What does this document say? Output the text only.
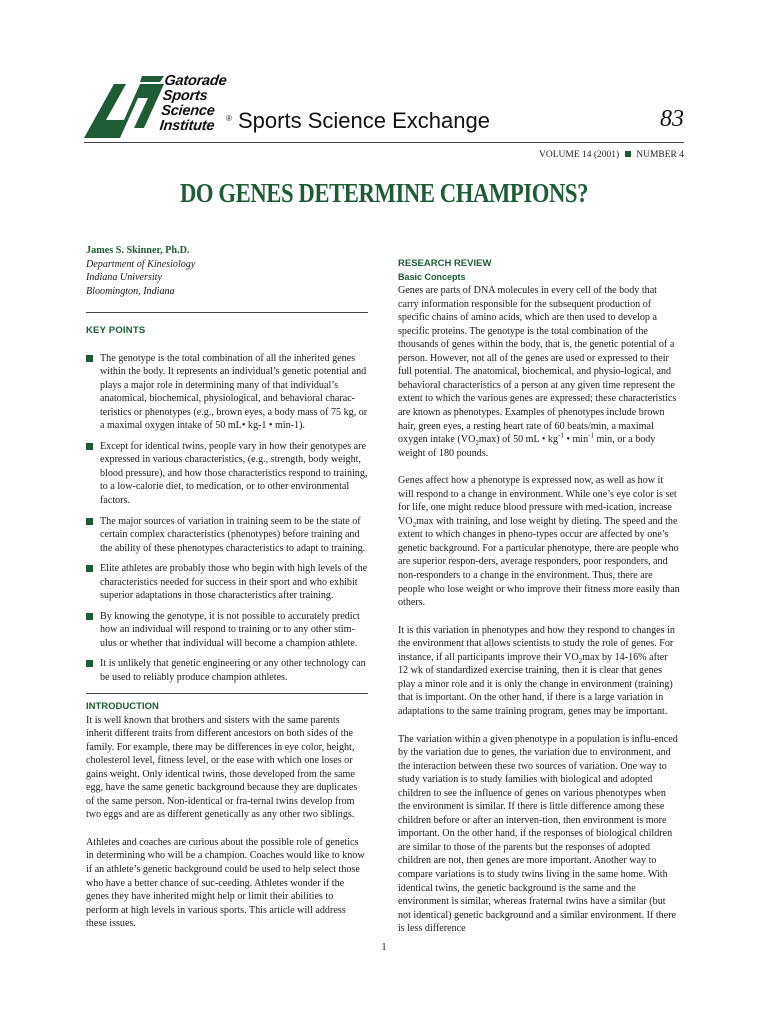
Gatorade
Sports
Science
Institute	® Sports Science Exchange	83
VOLUME 14 (2001) NUMBER 4
DO GENES DETERMINE CHAMPIONS?
James S. Skinner, Ph.D.
Department of Kinesiology
Indiana University
Bloomington, Indiana
KEY POINTS
The genotype is the total combination of all the inherited genes within the body. It represents an individual’s genetic potential and plays a major role in determining many of that individual’s anatomical, biochemical, physiological, and behavioral charac-teristics or phenotypes (e.g., brown eyes, a body mass of 75 kg, or a maximal oxygen intake of 50 mL• kg-1 • min-1).
Except for identical twins, people vary in how their genotypes are expressed in various characteristics, (e.g., strength, body weight, blood pressure), and how those characteristics respond to training, to a low-calorie diet, to medication, or to other environmental factors.
The major sources of variation in training seem to be the state of certain complex characteristics (phenotypes) before training and the ability of these phenotypes characteristics to adapt to training.
Elite athletes are probably those who begin with high levels of the characteristics needed for success in their sport and who exhibit superior adaptations in those characteristics after training.
By knowing the genotype, it is not possible to accurately predict how an individual will respond to training or to any other stim-ulus or whether that individual will become a champion athlete.
It is unlikely that genetic engineering or any other technology can be used to reliably produce champion athletes.
INTRODUCTION

It is well known that brothers and sisters with the same parents inherit different traits from different ancestors on both sides of the family. For example, there may be differences in eye color, height, cholesterol level, fitness level, or the ease with which one loses or gains weight. Only identical twins, those developed from the same egg, have the same genetic background because they are duplicates of the same person. Non-identical or fra-ternal twins develop from two eggs and are as different genetically as any other two siblings.

Athletes and coaches are curious about the possible role of genetics in determining who will be a champion. Coaches would like to know if an athlete’s genetic background could be used to help select those who have a better chance of suc-ceeding. Athletes wonder if the genes they have inherited might help or limit their abilities to perform at high levels in various sports. This article will address these issues.

RESEARCH REVIEW
Basic Concepts

Genes are parts of DNA molecules in every cell of the body that carry information responsible for the subsequent production of specific chains of amino acids, which are then used to develop a specific proteins. The genotype is the total combination of the thousands of genes within the body, that is, the genetic potential of a person. However, not all of the genes are used or expressed to their full potential. The anatomical, biochemical, and physio-logical, and behavioral characteristics of a person at any given time represent the extent to which the various genes are expressed; these characteristics are known as phenotypes. Examples of phenotypes include brown hair, green eyes, a resting heart rate of 60 beats/min, a maximal oxygen intake $(VO_2\max)$ of 50 mL • $kg^{-1}$ • $\min^{-1} \min$, or a body weight of 180 pounds.

Genes affect how a phenotype is expressed now, as well as how it will respond to a change in environment. While one’s eye color is set for life, one might reduce blood pressure with med-ication, increase $VO_2\max$ with training, and lose weight by dieting. The speed and the extent to which changes in pheno-types occur are affected by one’s genetic background. For a particular phenotype, there are people who are superior respon-ders, average responders, poor responders, and non-responders to a change in the environment. Thus, there are people who lose weight or who improve their fitness more easily than others.

It is this variation in phenotypes and how they respond to changes in the environment that allows scientists to study the role of genes. For instance, if all participants improve their $VO_2\max$ by 14-16% after 12 wk of standardized exercise training, then it is clear that genes play a minor role and it is only the change in environment (training) that is important. On the other hand, if there is a large variation in adaptations to the same training program, genes may be important.

The variation within a given phenotype in a population is influ-enced by the variation due to genes, the variation due to environment, and the interaction between these two sources of variation. One way to study variation is to study families with biological and adopted children to see the influence of genes on various phenotypes when the environment is similar. If there is little difference among these children before or after an interven-tion, then environment is more important. On the other hand, if the responses of biological children are similar to those of the parents but the responses of adopted children are not, then genes are more important. Another way to compare variations is to study twins living in the same home. With identical twins, the genetic background is the same and the environment is similar, whereas fraternal twins have a similar (but not identical) genetic background and a similar environment. If there is less difference

1
